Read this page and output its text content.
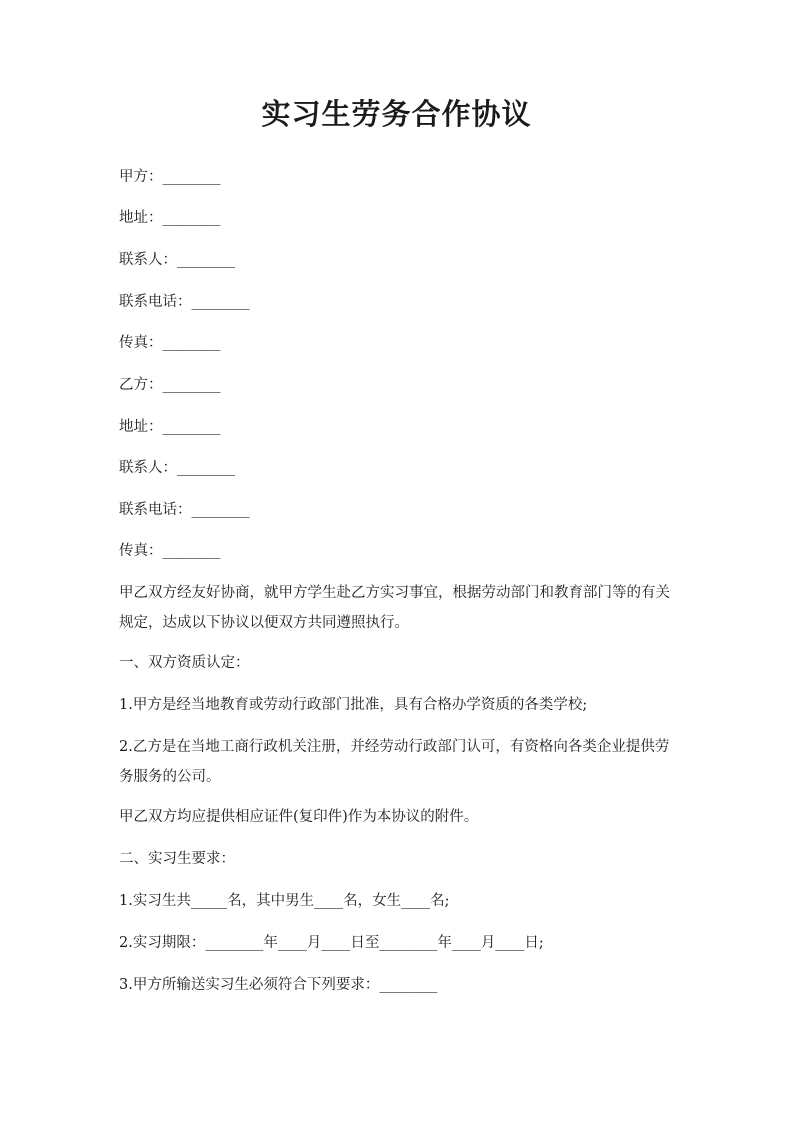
实习生劳务合作协议
甲方：________
地址：________
联系人：________
联系电话：________
传真：________
乙方：________
地址：________
联系人：________
联系电话：________
传真：________
甲乙双方经友好协商，就甲方学生赴乙方实习事宜，根据劳动部门和教育部门等的有关规定，达成以下协议以便双方共同遵照执行。
一、双方资质认定：
1.甲方是经当地教育或劳动行政部门批准，具有合格办学资质的各类学校;
2.乙方是在当地工商行政机关注册，并经劳动行政部门认可，有资格向各类企业提供劳务服务的公司。
甲乙双方均应提供相应证件(复印件)作为本协议的附件。
二、实习生要求：
1.实习生共_____名，其中男生____名，女生____名;
2.实习期限：________年____月____日至________年____月____日;
3.甲方所输送实习生必须符合下列要求：________
